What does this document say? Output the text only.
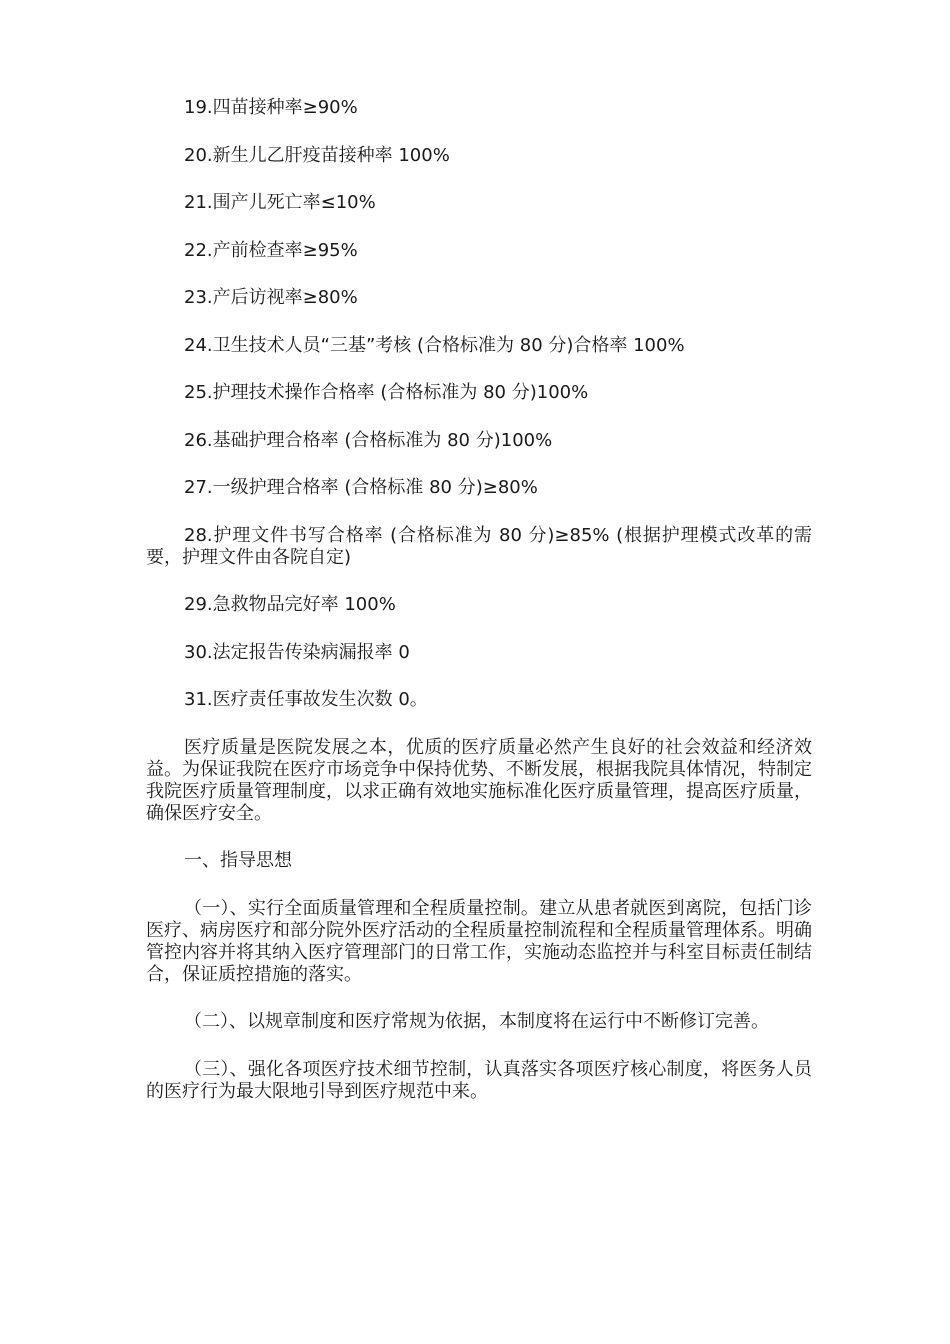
19.四苗接种率≥90%

20.新生儿乙肝疫苗接种率 100%

21.围产儿死亡率≤10%

22.产前检查率≥95%

23.产后访视率≥80%

24.卫生技术人员“三基”考核 (合格标准为 80 分)合格率 100%

25.护理技术操作合格率 (合格标准为 80 分)100%

26.基础护理合格率 (合格标准为 80 分)100%

27.一级护理合格率 (合格标准 80 分)≥80%

28.护理文件书写合格率 (合格标准为 80 分)≥85% (根据护理模式改革的需要，护理文件由各院自定)

29.急救物品完好率 100%

30.法定报告传染病漏报率 0

31.医疗责任事故发生次数 0。

医疗质量是医院发展之本，优质的医疗质量必然产生良好的社会效益和经济效益。为保证我院在医疗市场竞争中保持优势、不断发展，根据我院具体情况，特制定我院医疗质量管理制度，以求正确有效地实施标准化医疗质量管理，提高医疗质量，确保医疗安全。

一、指导思想

（一）、实行全面质量管理和全程质量控制。建立从患者就医到离院，包括门诊医疗、病房医疗和部分院外医疗活动的全程质量控制流程和全程质量管理体系。明确管控内容并将其纳入医疗管理部门的日常工作，实施动态监控并与科室目标责任制结合，保证质控措施的落实。

（二）、以规章制度和医疗常规为依据，本制度将在运行中不断修订完善。

（三）、强化各项医疗技术细节控制，认真落实各项医疗核心制度，将医务人员的医疗行为最大限地引导到医疗规范中来。
